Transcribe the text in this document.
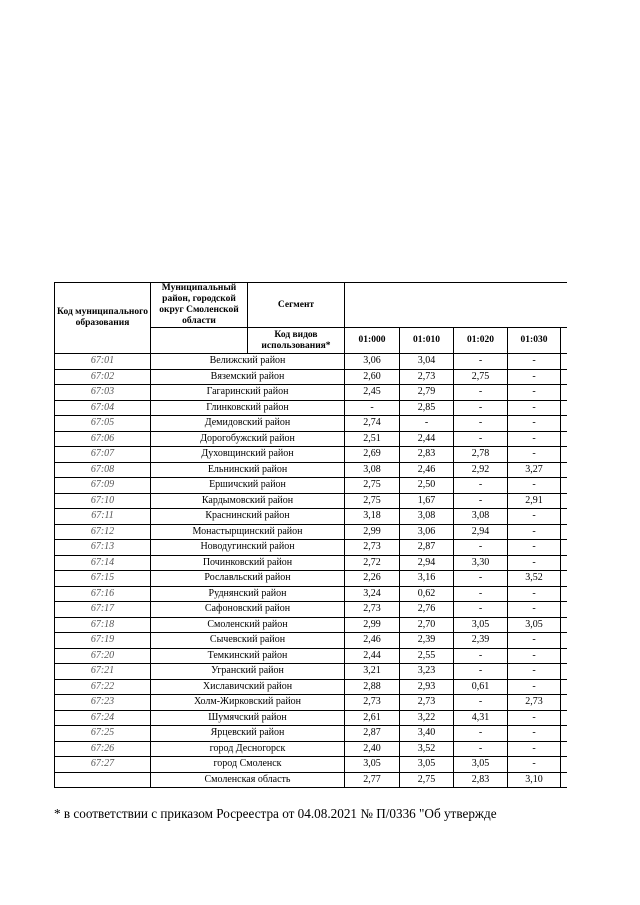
Код муниципального образования	Муниципальный район, городской округ Смоленской области	Сегмент					
		Код видов использования*	01:000	01:010	01:020	01:030	
67:01	Велижский район		3,06	3,04	-	-	
67:02	Вяземский район		2,60	2,73	2,75	-	
67:03	Гагаринский район		2,45	2,79	-	-	
67:04	Глинковский район		-	2,85	-	-	
67:05	Демидовский район		2,74	-	-	-	
67:06	Дорогобужский район		2,51	2,44	-	-	
67:07	Духовщинский район		2,69	2,83	2,78	-	
67:08	Ельнинский район		3,08	2,46	2,92	3,27	
67:09	Ершичский район		2,75	2,50	-	-	
67:10	Кардымовский район		2,75	1,67	-	2,91	
67:11	Краснинский район		3,18	3,08	3,08	-	
67:12	Монастырщинский район		2,99	3,06	2,94	-	
67:13	Новодугинский район		2,73	2,87	-	-	
67:14	Починковский район		2,72	2,94	3,30	-	
67:15	Рославльский район		2,26	3,16	-	3,52	
67:16	Руднянский район		3,24	0,62	-	-	
67:17	Сафоновский район		2,73	2,76	-	-	
67:18	Смоленский район		2,99	2,70	3,05	3,05	
67:19	Сычевский район		2,46	2,39	2,39	-	
67:20	Темкинский район		2,44	2,55	-	-	
67:21	Угранский район		3,21	3,23	-	-	
67:22	Хиславичский район		2,88	2,93	0,61	-	
67:23	Холм-Жирковский район		2,73	2,73	-	2,73	
67:24	Шумячский район		2,61	3,22	4,31	-	
67:25	Ярцевский район		2,87	3,40	-	-	
67:26	город Десногорск		2,40	3,52	-	-	
67:27	город Смоленск		3,05	3,05	3,05	-	
	Смоленская область		2,77	2,75	2,83	3,10	
* в соответствии с приказом Росреестра от 04.08.2021 № П/0336 "Об утвержде
